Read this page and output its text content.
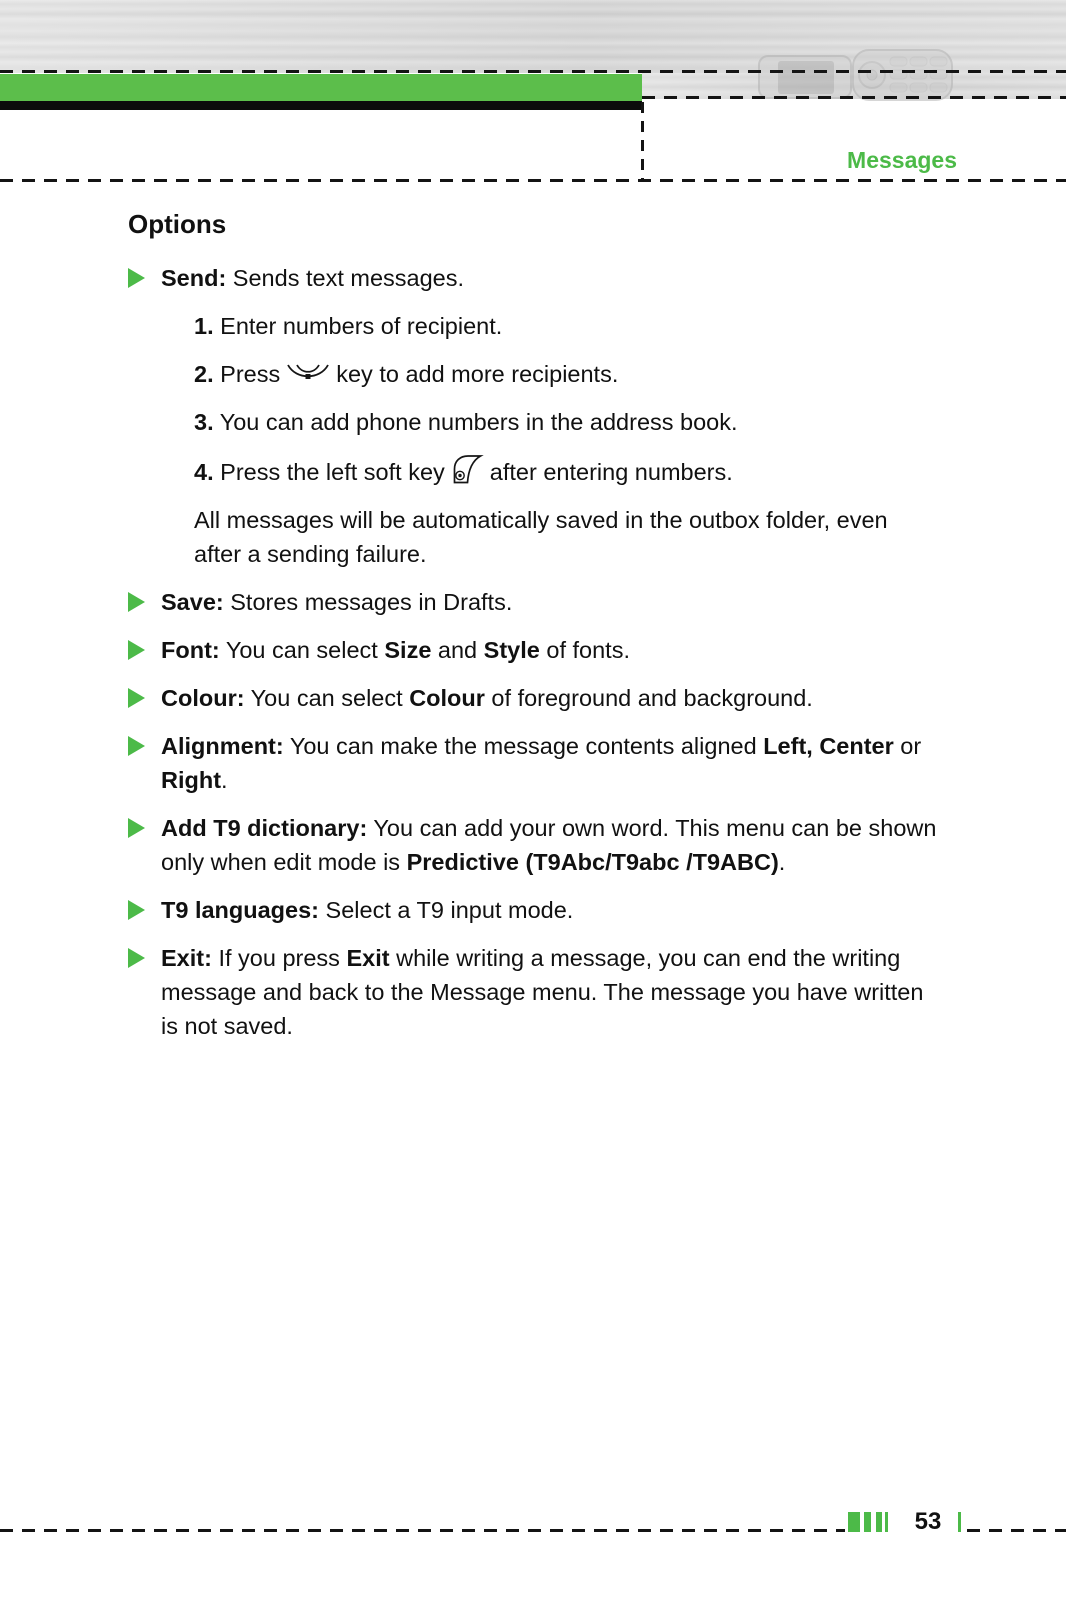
Messages
Options
Send: Sends text messages.
1. Enter numbers of recipient.
2. Press key to add more recipients.
3. You can add phone numbers in the address book.
4. Press the left soft key after entering numbers.
All messages will be automatically saved in the outbox folder, even after a sending failure.
Save: Stores messages in Drafts.
Font: You can select Size and Style of fonts.
Colour: You can select Colour of foreground and background.
Alignment: You can make the message contents aligned Left, Center or Right.
Add T9 dictionary: You can add your own word. This menu can be shown only when edit mode is Predictive (T9Abc/T9abc /T9ABC).
T9 languages: Select a T9 input mode.
Exit: If you press Exit while writing a message, you can end the writing message and back to the Message menu. The message you have written is not saved.
53
